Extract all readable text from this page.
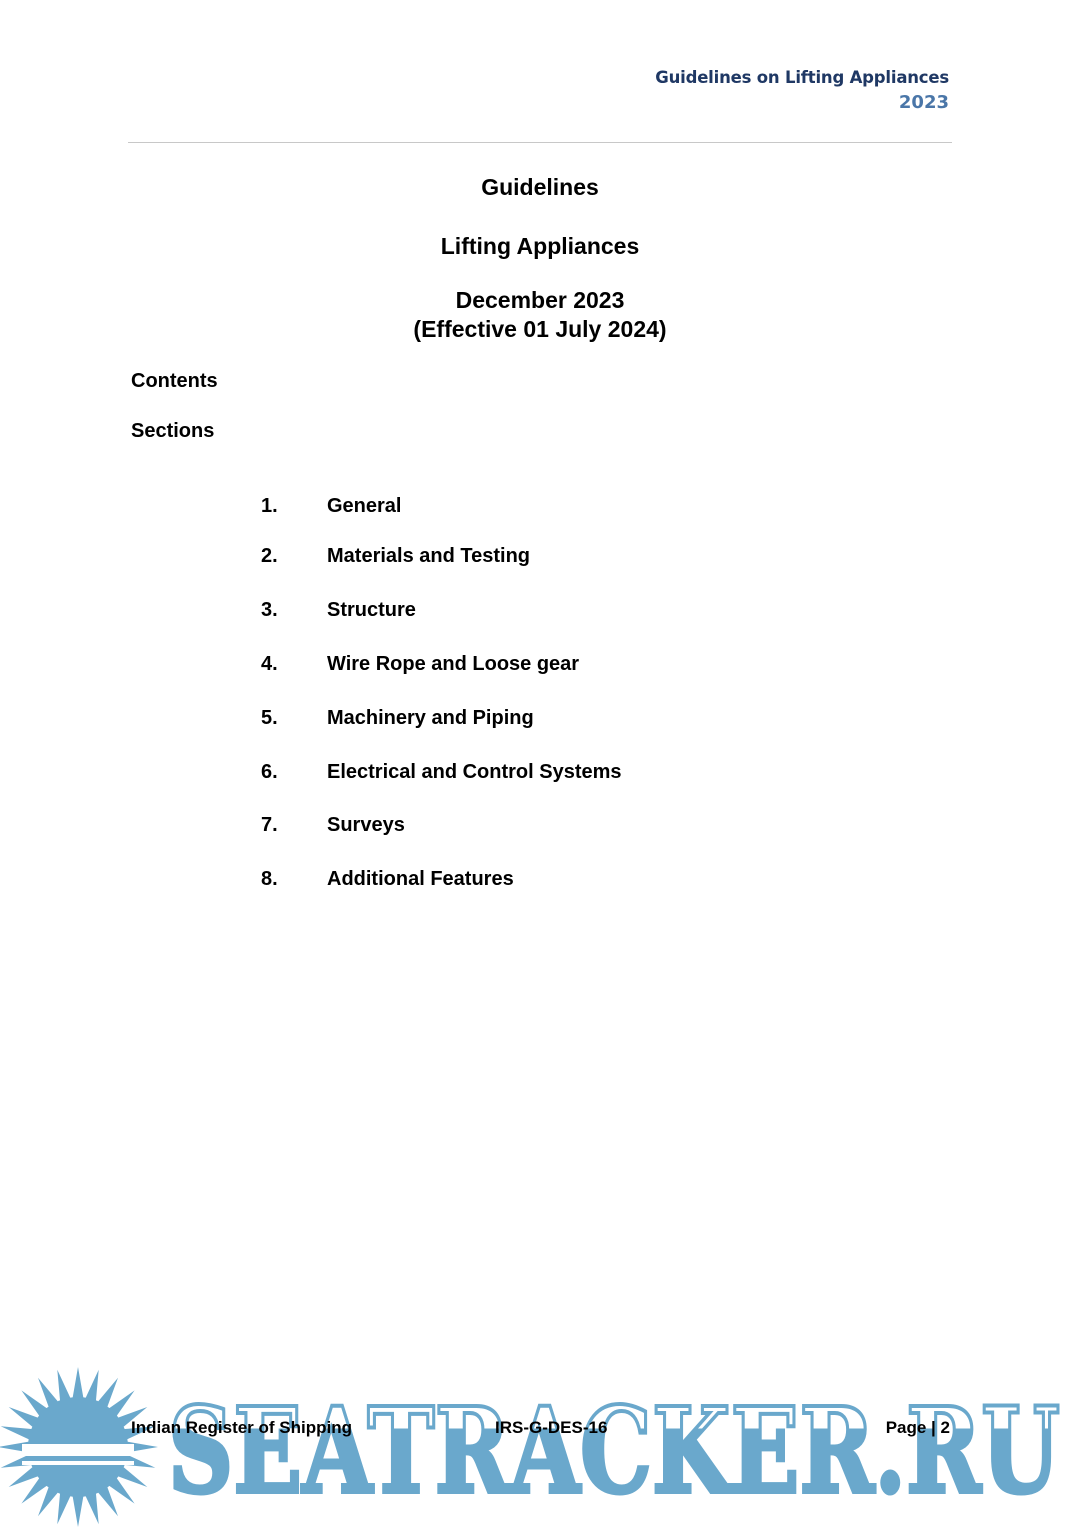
Guidelines on Lifting Appliances
2023
Guidelines
Lifting Appliances
December 2023
(Effective 01 July 2024)
Contents
Sections
1. General
2. Materials and Testing
3. Structure
4. Wire Rope and Loose gear
5. Machinery and Piping
6. Electrical and Control Systems
7. Surveys
8. Additional Features
SEATRACKER.RU
Indian Register of Shipping	IRS-G-DES-16	Page | 2
